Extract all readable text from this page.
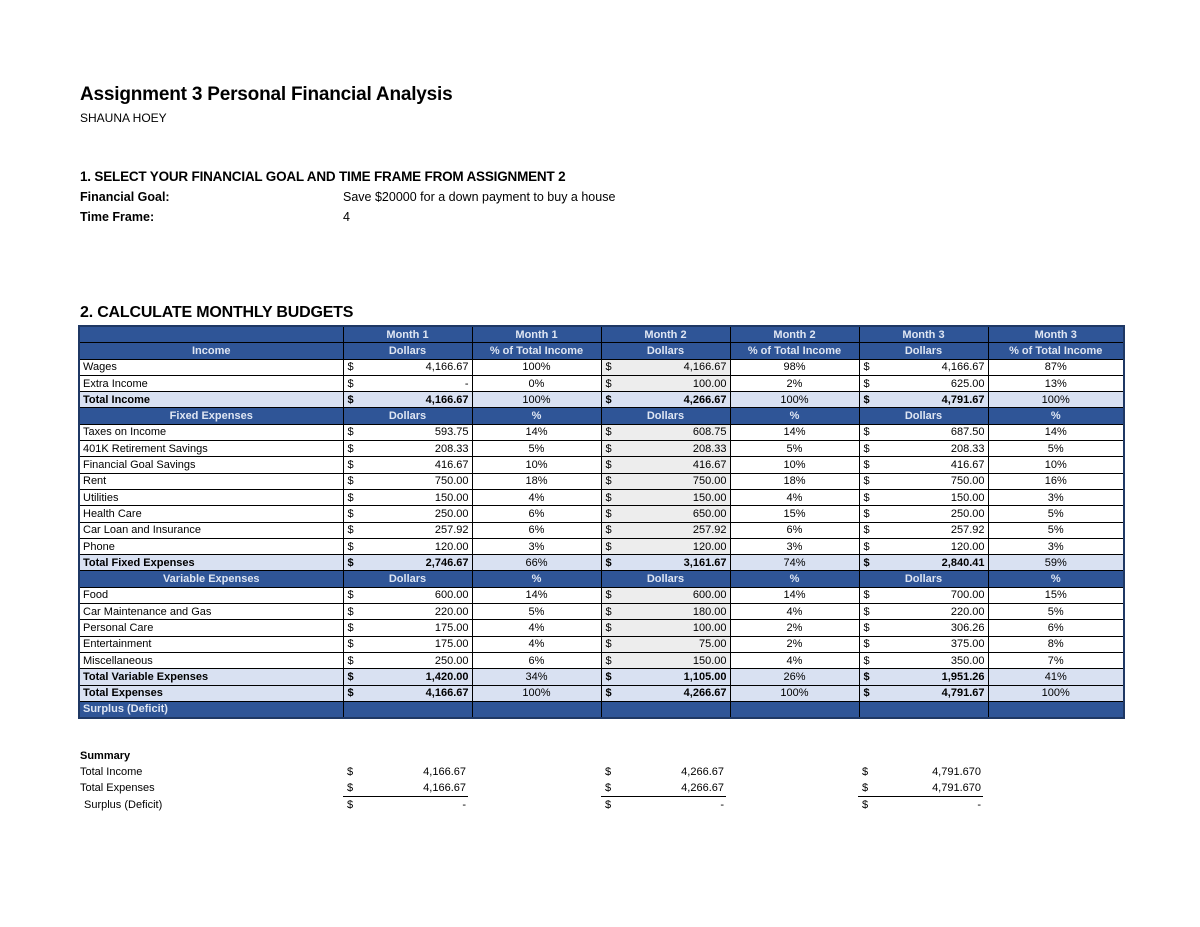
Assignment 3 Personal Financial Analysis
SHAUNA HOEY
1. SELECT YOUR FINANCIAL GOAL AND TIME FRAME FROM ASSIGNMENT 2
Financial Goal:	Save $20000 for a down payment to buy a house
Time Frame:	4
2. CALCULATE MONTHLY BUDGETS
	Month 1	Month 1	Month 2	Month 2	Month 3	Month 3
Income	Dollars	% of Total Income	Dollars	% of Total Income	Dollars	% of Total Income
Wages	$ 4,166.67	100%	$ 4,166.67	98%	$ 4,166.67	87%
Extra Income	$ -	0%	$ 100.00	2%	$ 625.00	13%
Total Income	$ 4,166.67	100%	$ 4,266.67	100%	$ 4,791.67	100%
Fixed Expenses	Dollars	%	Dollars	%	Dollars	%
Taxes on Income	$ 593.75	14%	$ 608.75	14%	$ 687.50	14%
401K Retirement Savings	$ 208.33	5%	$ 208.33	5%	$ 208.33	5%
Financial Goal Savings	$ 416.67	10%	$ 416.67	10%	$ 416.67	10%
Rent	$ 750.00	18%	$ 750.00	18%	$ 750.00	16%
Utilities	$ 150.00	4%	$ 150.00	4%	$ 150.00	3%
Health Care	$ 250.00	6%	$ 650.00	15%	$ 250.00	5%
Car Loan and Insurance	$ 257.92	6%	$ 257.92	6%	$ 257.92	5%
Phone	$ 120.00	3%	$ 120.00	3%	$ 120.00	3%
Total Fixed Expenses	$ 2,746.67	66%	$ 3,161.67	74%	$ 2,840.41	59%
Variable Expenses	Dollars	%	Dollars	%	Dollars	%
Food	$ 600.00	14%	$ 600.00	14%	$ 700.00	15%
Car Maintenance and Gas	$ 220.00	5%	$ 180.00	4%	$ 220.00	5%
Personal Care	$ 175.00	4%	$ 100.00	2%	$ 306.26	6%
Entertainment	$ 175.00	4%	$ 75.00	2%	$ 375.00	8%
Miscellaneous	$ 250.00	6%	$ 150.00	4%	$ 350.00	7%
Total Variable Expenses	$ 1,420.00	34%	$ 1,105.00	26%	$ 1,951.26	41%
Total Expenses	$ 4,166.67	100%	$ 4,266.67	100%	$ 4,791.67	100%
Surplus (Deficit)						
Summary
Total Income	$	4,166.67	$	4,266.67	$	4,791.670
Total Expenses	$	4,166.67	$	4,266.67	$	4,791.670
Surplus (Deficit)	$	-	$	-	$	-
